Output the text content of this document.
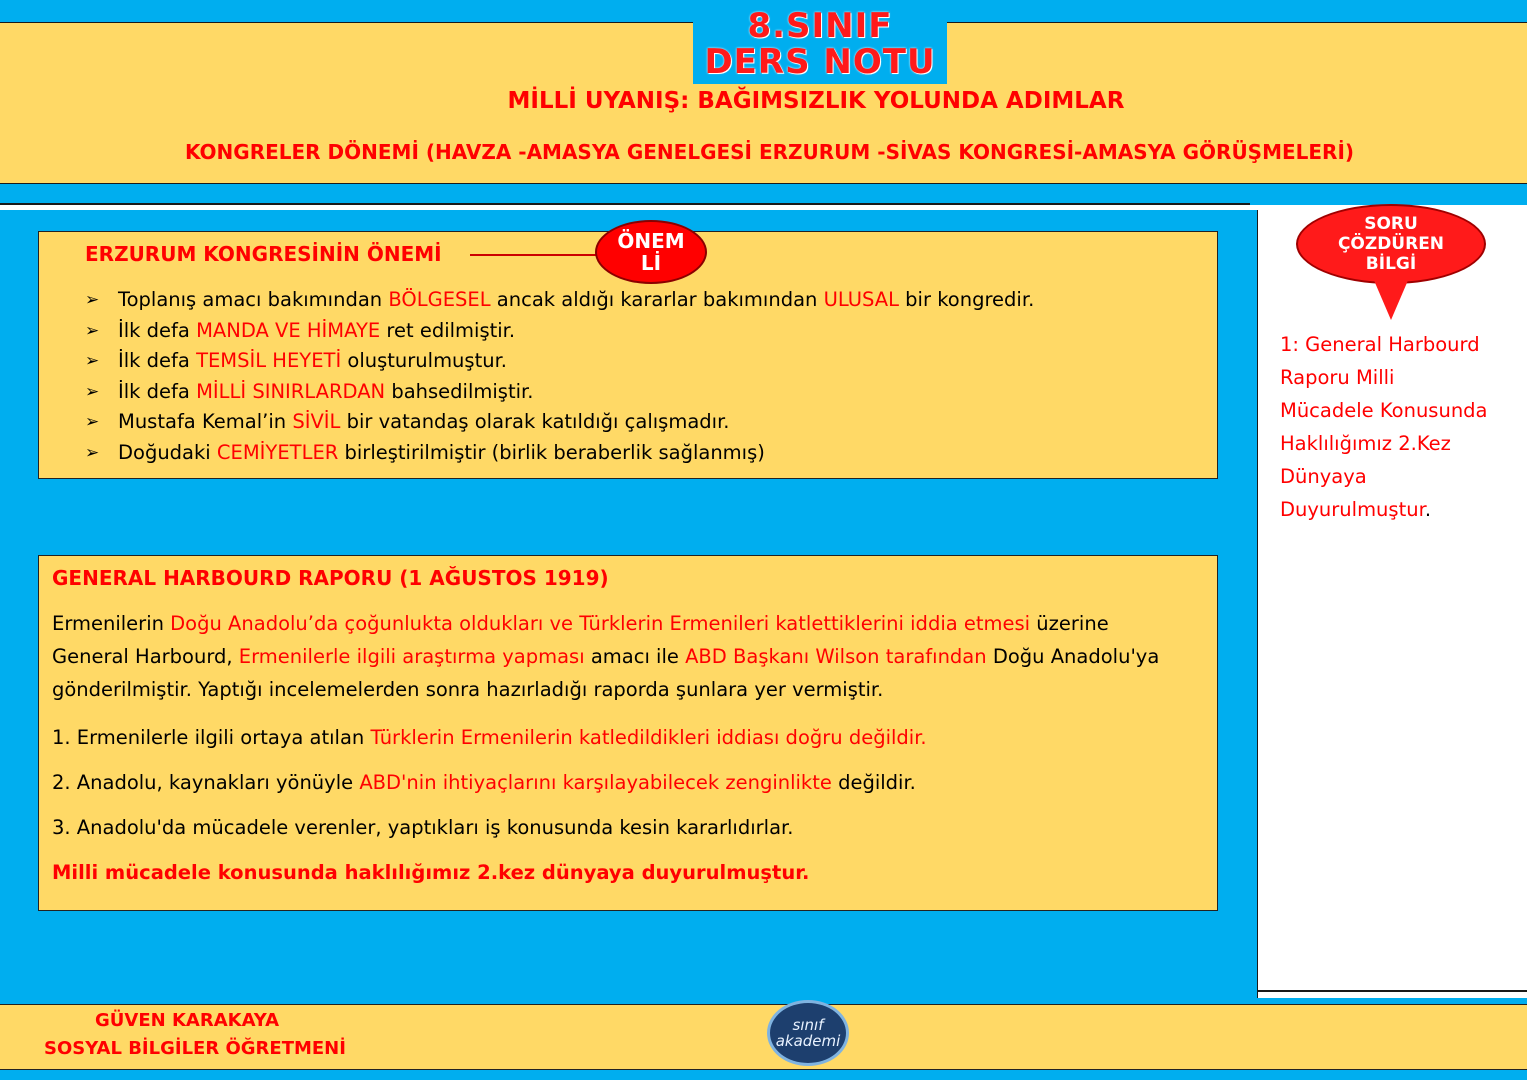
8.SINIF
DERS NOTU
MİLLİ UYANIŞ: BAĞIMSIZLIK YOLUNDA ADIMLAR
KONGRELER DÖNEMİ (HAVZA -AMASYA GENELGESİ ERZURUM -SİVAS KONGRESİ-AMASYA GÖRÜŞMELERİ)
ERZURUM KONGRESİNİN ÖNEMİ
ÖNEM
Lİ
➢ Toplanış amacı bakımından BÖLGESEL ancak aldığı kararlar bakımından ULUSAL bir kongredir.
➢ İlk defa MANDA VE HİMAYE ret edilmiştir.
➢ İlk defa TEMSİL HEYETİ oluşturulmuştur.
➢ İlk defa MİLLİ SINIRLARDAN bahsedilmiştir.
➢ Mustafa Kemal’in SİVİL bir vatandaş olarak katıldığı çalışmadır.
➢ Doğudaki CEMİYETLER birleştirilmiştir (birlik beraberlik sağlanmış)
GENERAL HARBOURD RAPORU (1 AĞUSTOS 1919)
Ermenilerin Doğu Anadolu’da çoğunlukta oldukları ve Türklerin Ermenileri katlettiklerini iddia etmesi üzerine
General Harbourd, Ermenilerle ilgili araştırma yapması amacı ile ABD Başkanı Wilson tarafından Doğu Anadolu'ya
gönderilmiştir. Yaptığı incelemelerden sonra hazırladığı raporda şunlara yer vermiştir.
1. Ermenilerle ilgili ortaya atılan Türklerin Ermenilerin katledildikleri iddiası doğru değildir.
2. Anadolu, kaynakları yönüyle ABD'nin ihtiyaçlarını karşılayabilecek zenginlikte değildir.
3. Anadolu'da mücadele verenler, yaptıkları iş konusunda kesin kararlıdırlar.
Milli mücadele konusunda haklılığımız 2.kez dünyaya duyurulmuştur.
SORU
ÇÖZDÜREN
BİLGİ
1: General Harbourd
Raporu Milli
Mücadele Konusunda
Haklılığımız 2.Kez
Dünyaya
Duyurulmuştur.
GÜVEN KARAKAYA
SOSYAL BİLGİLER ÖĞRETMENİ
sınıf
akademi
